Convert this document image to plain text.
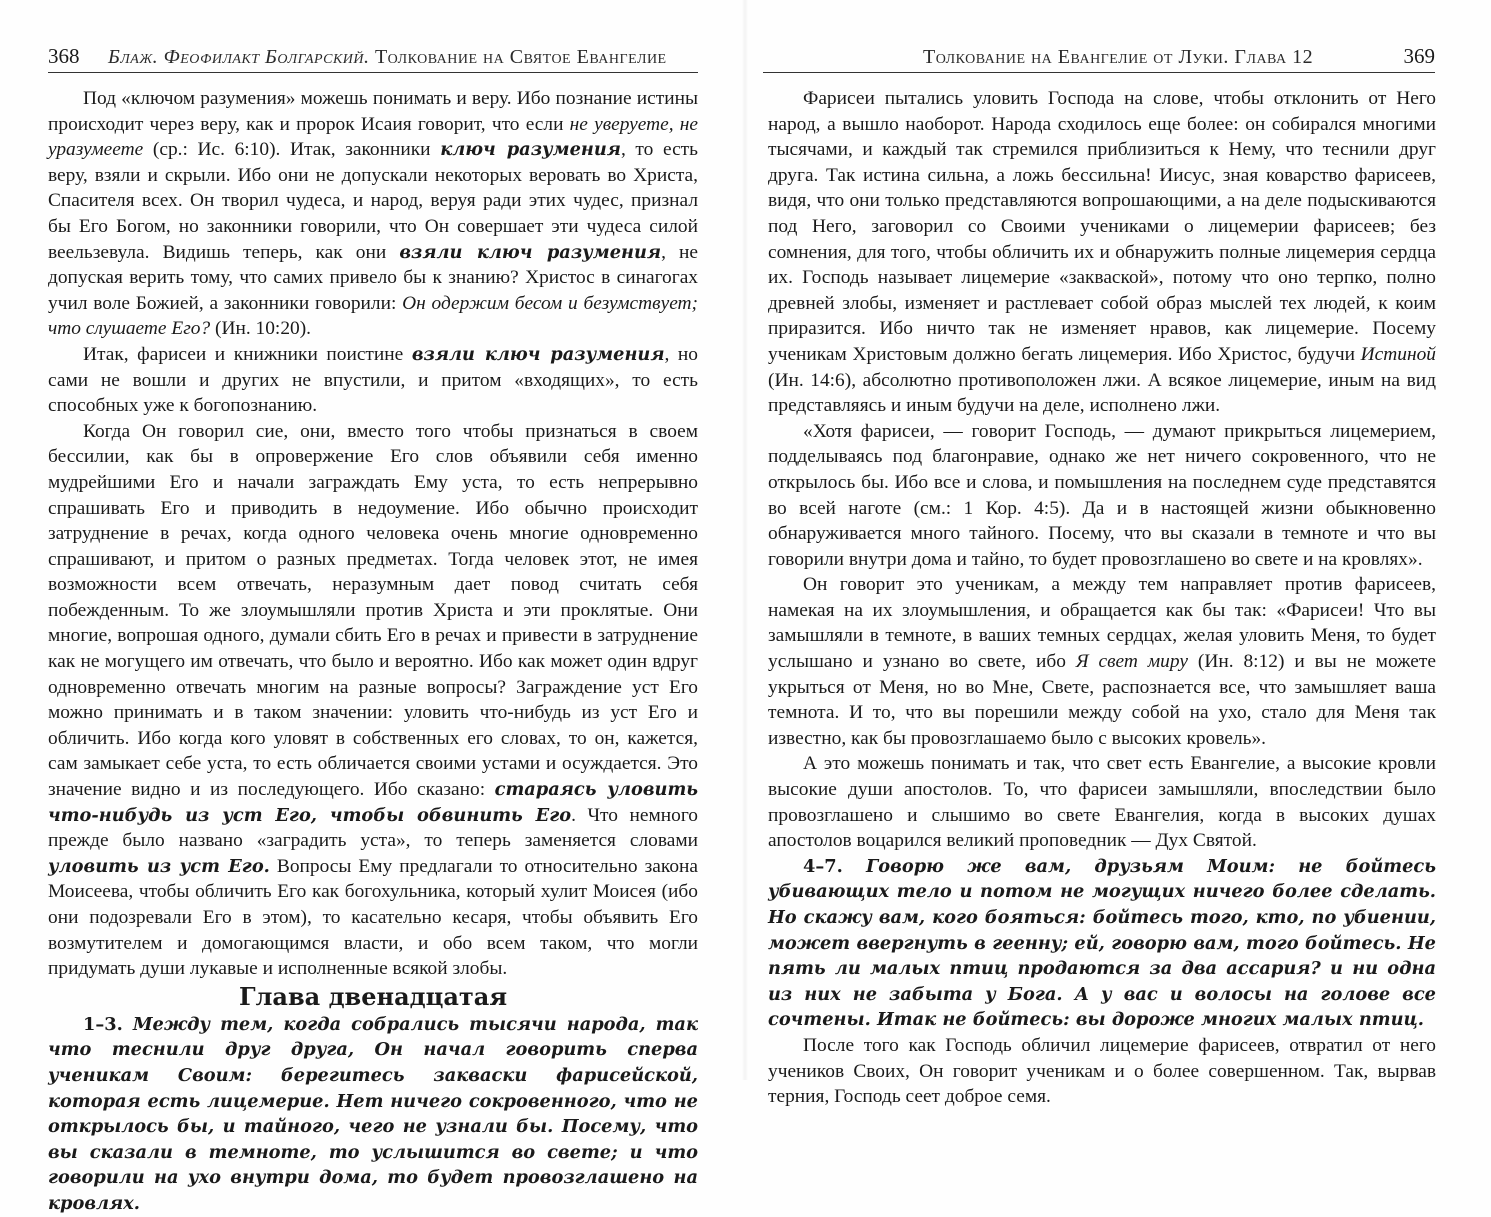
368 Блаж. Феофилакт Болгарский. Толкование на Святое Евангелие

Под «ключом разумения» можешь понимать и веру. Ибо познание истины происходит через веру, как и пророк Исаия говорит, что если не уверуете, не уразумеете (ср.: Ис. 6:10). Итак, законники ключ разумения, то есть веру, взяли и скрыли. Ибо они не допускали некоторых веровать во Христа, Спасителя всех. Он творил чудеса, и народ, веруя ради этих чудес, признал бы Его Богом, но законники говорили, что Он совершает эти чудеса силой веельзевула. Видишь теперь, как они взяли ключ разумения, не допуская верить тому, что самих привело бы к знанию? Христос в синагогах учил воле Божией, а законники говорили: Он одержим бесом и безумствует; что слушаете Его? (Ин. 10:20).

Итак, фарисеи и книжники поистине взяли ключ разумения, но сами не вошли и других не впустили, и притом «входящих», то есть способных уже к богопознанию.

Когда Он говорил сие, они, вместо того чтобы признаться в своем бессилии, как бы в опровержение Его слов объявили себя именно мудрейшими Его и начали заграждать Ему уста, то есть непрерывно спрашивать Его и приводить в недоумение. Ибо обычно происходит затруднение в речах, когда одного человека очень многие одновременно спрашивают, и притом о разных предметах. Тогда человек этот, не имея возможности всем отвечать, неразумным дает повод считать себя побежденным. То же злоумышляли против Христа и эти проклятые. Они многие, вопрошая одного, думали сбить Его в речах и привести в затруднение как не могущего им отвечать, что было и вероятно. Ибо как может один вдруг одновременно отвечать многим на разные вопросы? Заграждение уст Его можно принимать и в таком значении: уловить что-нибудь из уст Его и обличить. Ибо когда кого уловят в собственных его словах, то он, кажется, сам замыкает себе уста, то есть обличается своими устами и осуждается. Это значение видно и из последующего. Ибо сказано: стараясь уловить что-нибудь из уст Его, чтобы обвинить Его. Что немного прежде было названо «заградить уста», то теперь заменяется словами уловить из уст Его. Вопросы Ему предлагали то относительно закона Моисеева, чтобы обличить Его как богохульника, который хулит Моисея (ибо они подозревали Его в этом), то касательно кесаря, чтобы объявить Его возмутителем и домогающимся власти, и обо всем таком, что могли придумать души лукавые и исполненные всякой злобы.

Глава двенадцатая

1–3. Между тем, когда собрались тысячи народа, так что теснили друг друга, Он начал говорить сперва ученикам Своим: берегитесь закваски фарисейской, которая есть лицемерие. Нет ничего сокровенного, что не открылось бы, и тайного, чего не узнали бы. Посему, что вы сказали в темноте, то услышится во свете; и что говорили на ухо внутри дома, то будет провозглашено на кровлях.

Толкование на Евангелие от Луки. Глава 12	369

Фарисеи пытались уловить Господа на слове, чтобы отклонить от Него народ, а вышло наоборот. Народа сходилось еще более: он собирался многими тысячами, и каждый так стремился приблизиться к Нему, что теснили друг друга. Так истина сильна, а ложь бессильна! Иисус, зная коварство фарисеев, видя, что они только представляются вопрошающими, а на деле подыскиваются под Него, заговорил со Своими учениками о лицемерии фарисеев; без сомнения, для того, чтобы обличить их и обнаружить полные лицемерия сердца их. Господь называет лицемерие «закваской», потому что оно терпко, полно древней злобы, изменяет и растлевает собой образ мыслей тех людей, к коим приразится. Ибо ничто так не изменяет нравов, как лицемерие. Посему ученикам Христовым должно бегать лицемерия. Ибо Христос, будучи Истиной (Ин. 14:6), абсолютно противоположен лжи. А всякое лицемерие, иным на вид представляясь и иным будучи на деле, исполнено лжи.

«Хотя фарисеи, — говорит Господь, — думают прикрыться лицемерием, подделываясь под благонравие, однако же нет ничего сокровенного, что не открылось бы. Ибо все и слова, и помышления на последнем суде представятся во всей наготе (см.: 1 Кор. 4:5). Да и в настоящей жизни обыкновенно обнаруживается много тайного. Посему, что вы сказали в темноте и что вы говорили внутри дома и тайно, то будет провозглашено во свете и на кровлях».

Он говорит это ученикам, а между тем направляет против фарисеев, намекая на их злоумышления, и обращается как бы так: «Фарисеи! Что вы замышляли в темноте, в ваших темных сердцах, желая уловить Меня, то будет услышано и узнано во свете, ибо Я свет миру (Ин. 8:12) и вы не можете укрыться от Меня, но во Мне, Свете, распознается все, что замышляет ваша темнота. И то, что вы порешили между собой на ухо, стало для Меня так известно, как бы провозглашаемо было с высоких кровель».

А это можешь понимать и так, что свет есть Евангелие, а высокие кровли высокие души апостолов. То, что фарисеи замышляли, впоследствии было провозглашено и слышимо во свете Евангелия, когда в высоких душах апостолов воцарился великий проповедник — Дух Святой.

4–7. Говорю же вам, друзьям Моим: не бойтесь убивающих тело и потом не могущих ничего более сделать. Но скажу вам, кого бояться: бойтесь того, кто, по убиении, может ввергнуть в геенну; ей, говорю вам, того бойтесь. Не пять ли малых птиц продаются за два ассария? и ни одна из них не забыта у Бога. А у вас и волосы на голове все сочтены. Итак не бойтесь: вы дороже многих малых птиц.

После того как Господь обличил лицемерие фарисеев, отвратил от него учеников Своих, Он говорит ученикам и о более совершенном. Так, вырвав терния, Господь сеет доброе семя.
